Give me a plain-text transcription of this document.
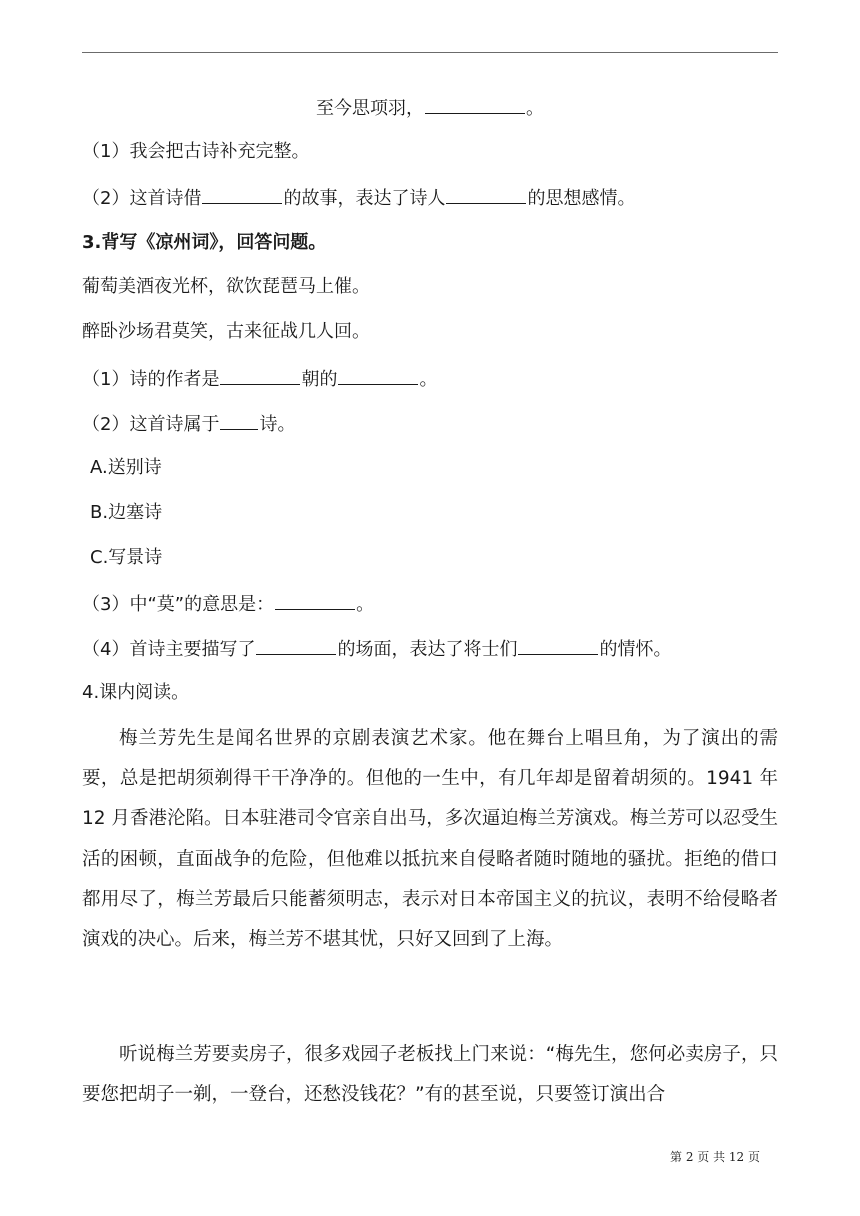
至今思项羽，	。
（1）我会把古诗补充完整。
（2）这首诗借	的故事，表达了诗人	的思想感情。
3.背写《凉州词》，回答问题。
葡萄美酒夜光杯，欲饮琵琶马上催。
醉卧沙场君莫笑，古来征战几人回。
（1）诗的作者是	朝的	。
（2）这首诗属于 诗。
A.送别诗
B.边塞诗
C.写景诗
（3）中“莫”的意思是：	。
（4）首诗主要描写了	的场面，表达了将士们	的情怀。
4.课内阅读。

梅兰芳先生是闻名世界的京剧表演艺术家。他在舞台上唱旦角，为了演出的需要，总是把胡须剃得干干净净的。但他的一生中，有几年却是留着胡须的。1941 年 12 月香港沦陷。日本驻港司令官亲自出马，多次逼迫梅兰芳演戏。梅兰芳可以忍受生活的困顿，直面战争的危险，但他难以抵抗来自侵略者随时随地的骚扰。拒绝的借口都用尽了，梅兰芳最后只能蓄须明志，表示对日本帝国主义的抗议，表明不给侵略者演戏的决心。后来，梅兰芳不堪其忧，只好又回到了上海。

听说梅兰芳要卖房子，很多戏园子老板找上门来说：“梅先生，您何必卖房子，只要您把胡子一剃，一登台，还愁没钱花？”有的甚至说，只要签订演出合

第 2 页 共 12 页
